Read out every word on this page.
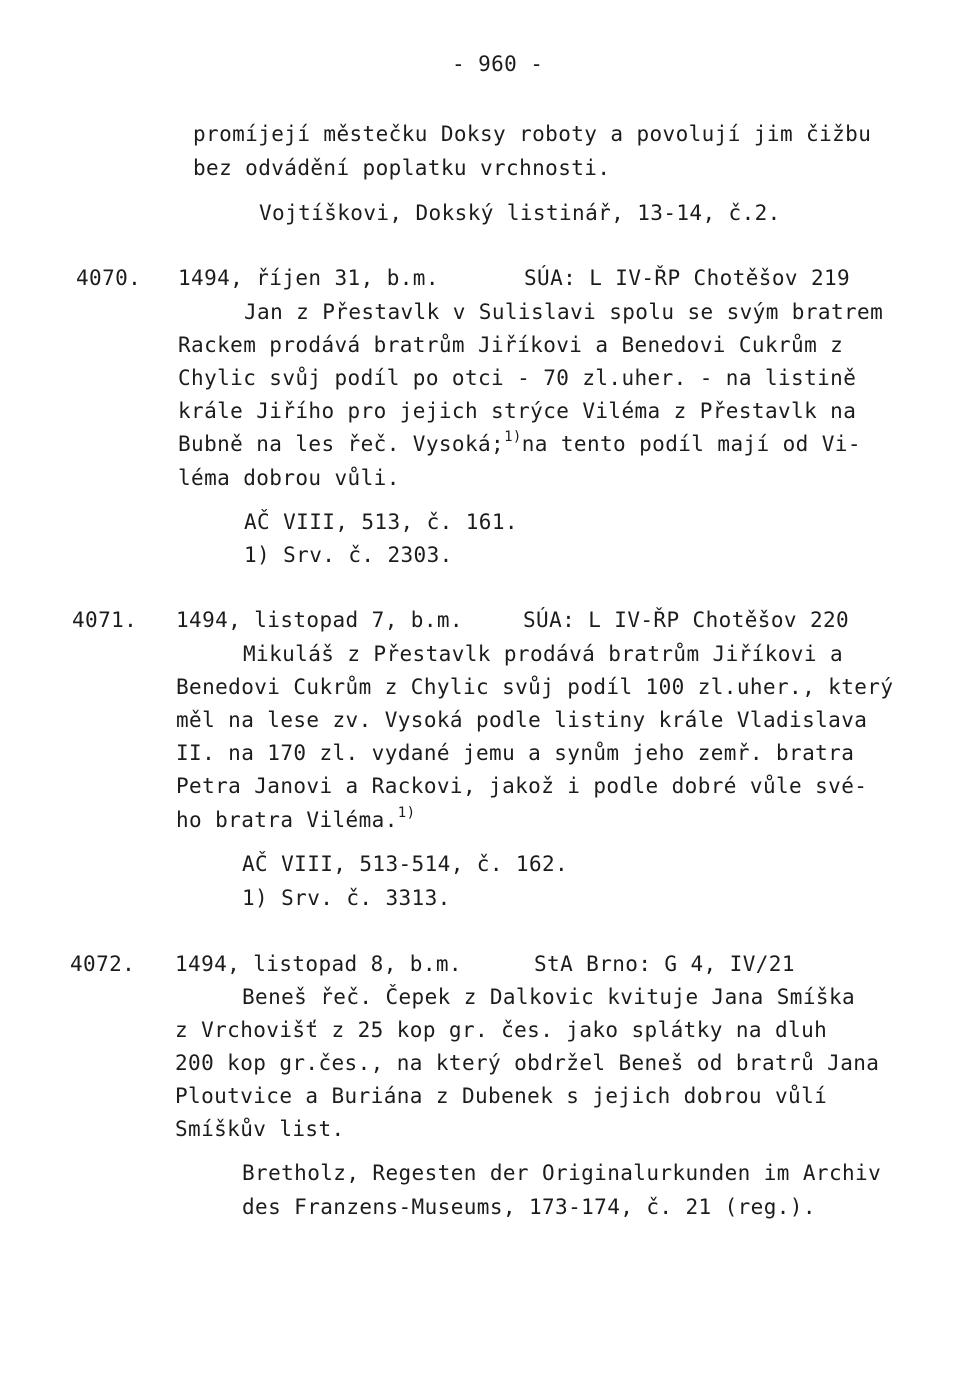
- 960 -
promíjejí městečku Doksy roboty a povolují jim čižbu
bez odvádění poplatku vrchnosti.
Vojtíškovi, Dokský listinář, 13-14, č.2.
4070. 1494, říjen 31, b.m.	SÚA: L IV-ŘP Chotěšov 219
Jan z Přestavlk v Sulislavi spolu se svým bratrem
Rackem prodává bratrům Jiříkovi a Benedovi Cukrům z
Chylic svůj podíl po otci - 70 zl.uher. - na listině
krále Jiřího pro jejich strýce Viléma z Přestavlk na
Bubně na les řeč. Vysoká;$^{1)}$na tento podíl mají od Vi-
léma dobrou vůli.
AČ VIII, 513, č. 161.
1) Srv. č. 2303.
4071. 1494, listopad 7, b.m.	SÚA: L IV-ŘP Chotěšov 220
Mikuláš z Přestavlk prodává bratrům Jiříkovi a
Benedovi Cukrům z Chylic svůj podíl 100 zl.uher., který
měl na lese zv. Vysoká podle listiny krále Vladislava
II. na 170 zl. vydané jemu a synům jeho zemř. bratra
Petra Janovi a Rackovi, jakož i podle dobré vůle své-
ho bratra Viléma.$^{1)}$
AČ VIII, 513-514, č. 162.
1) Srv. č. 3313.
4072. 1494, listopad 8, b.m.	StA Brno: G 4, IV/21
Beneš řeč. Čepek z Dalkovic kvituje Jana Smíška
z Vrchovišť z 25 kop gr. čes. jako splátky na dluh
200 kop gr.čes., na který obdržel Beneš od bratrů Jana
Ploutvice a Buriána z Dubenek s jejich dobrou vůlí
Smíškův list.
Bretholz, Regesten der Originalurkunden im Archiv
des Franzens-Museums, 173-174, č. 21 (reg.).
